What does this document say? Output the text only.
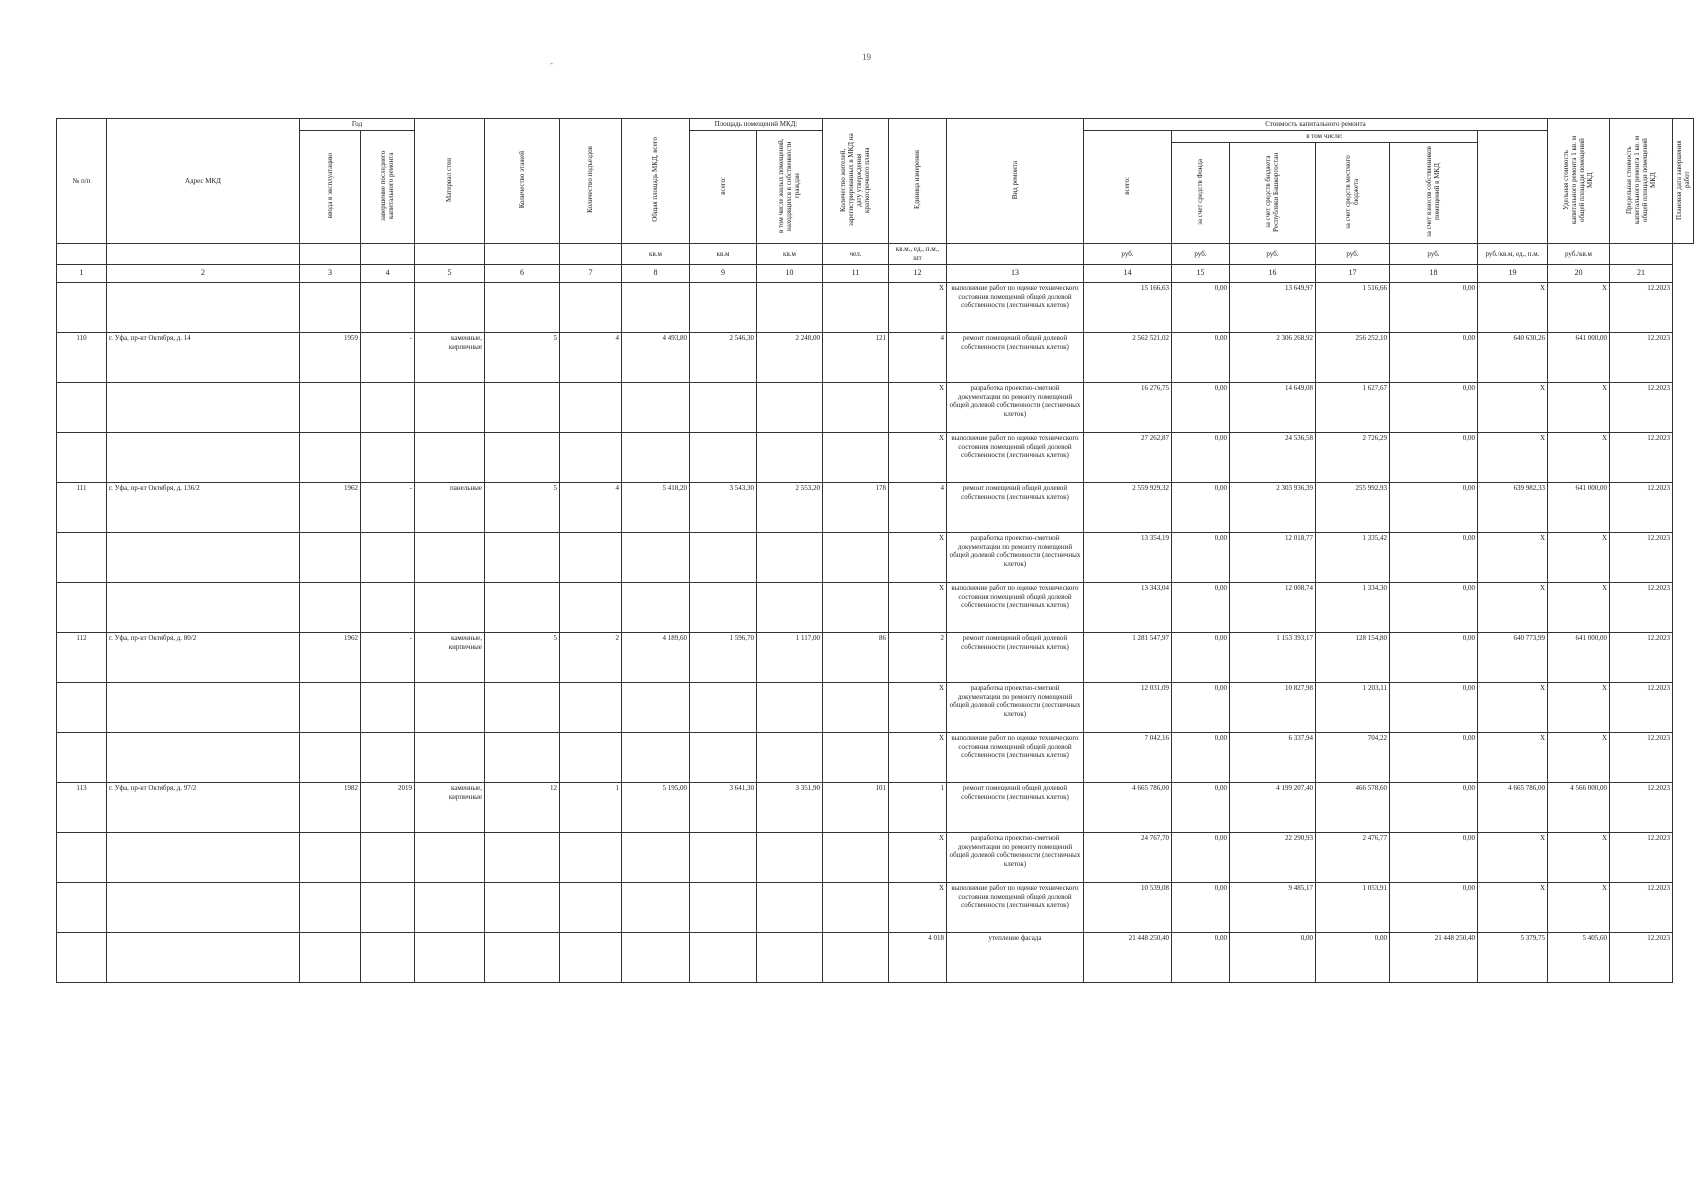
19
-
№ п/п	Адрес МКД	Год		Материал стен	Количество этажей	Количество подъездов	Общая площадь МКД, всего	Площадь помещений МКД:		Количество жителей, зарегистрированных в МКД на дату утверждения краткосрочного плана	Единица измерения	Вид ремонта	Стоимость капитального ремонта						Удельная стоимость капитального ремонта 1 кв. м общей площади помещений МКД	Предельная стоимость капитального ремонта 1 кв. м общей площади помещений МКД	Плановая дата завершения работ
		ввода в эксплуатацию	завершение последнего капитального ремонта					всего:	в том числе жилых помещений, находящихся в собственности граждан				всего:	в том числе:							
														за счет средств Фонда	за счет средств бюджета Республики Башкортостан	за счет средств местного бюджета	за счет взносов собственников помещений в МКД				
							кв.м	кв.м	кв.м	чел.	кв.м., ед., п.м., шт		руб.	руб.	руб.	руб.	руб.	руб./кв.м, ед., п.м.	руб./кв.м		
1	2	3	4	5	6	7	8	9	10	11	12	13	14	15	16	17	18	19	20	21	
											X	выполнение работ по оценке технического состояния помещений общей долевой собственности (лестничных клеток)	15 166,63	0,00	13 649,97	1 516,66	0,00	X	X	12.2023	
110	г. Уфа, пр-кт Октября, д. 14	1959	-	каменные, кирпичные	5	4	4 493,80	2 546,30	2 248,00	121	4	ремонт помещений общей долевой собственности (лестничных клеток)	2 562 521,02	0,00	2 306 268,92	256 252,10	0,00	640 630,26	641 000,00	12.2023	
											X	разработка проектно-сметной документации по ремонту помещений общей долевой собственности (лестничных клеток)	16 276,75	0,00	14 649,08	1 627,67	0,00	X	X	12.2023	
											X	выполнение работ по оценке технического состояния помещений общей долевой собственности (лестничных клеток)	27 262,87	0,00	24 536,58	2 726,29	0,00	X	X	12.2023	
111	г. Уфа, пр-кт Октября, д. 136/2	1962	-	панельные	5	4	5 418,20	3 543,30	2 553,20	178	4	ремонт помещений общей долевой собственности (лестничных клеток)	2 559 929,32	0,00	2 303 936,39	255 992,93	0,00	639 982,33	641 000,00	12.2023	
											X	разработка проектно-сметной документации по ремонту помещений общей долевой собственности (лестничных клеток)	13 354,19	0,00	12 018,77	1 335,42	0,00	X	X	12.2023	
											X	выполнение работ по оценке технического состояния помещений общей долевой собственности (лестничных клеток)	13 343,04	0,00	12 008,74	1 334,30	0,00	X	X	12.2023	
112	г. Уфа, пр-кт Октября, д. 80/2	1962	-	каменные, кирпичные	5	2	4 189,60	1 596,70	1 117,00	86	2	ремонт помещений общей долевой собственности (лестничных клеток)	1 281 547,97	0,00	1 153 393,17	128 154,80	0,00	640 773,99	641 000,00	12.2023	
											X	разработка проектно-сметной документации по ремонту помещений общей долевой собственности (лестничных клеток)	12 031,09	0,00	10 827,98	1 203,11	0,00	X	X	12.2023	
											X	выполнение работ по оценке технического состояния помещений общей долевой собственности (лестничных клеток)	7 042,16	0,00	6 337,94	704,22	0,00	X	X	12.2023	
113	г. Уфа, пр-кт Октября, д. 97/2	1982	2019	каменные, кирпичные	12	1	5 195,00	3 641,30	3 351,90	101	1	ремонт помещений общей долевой собственности (лестничных клеток)	4 665 786,00	0,00	4 199 207,40	466 578,60	0,00	4 665 786,00	4 566 000,00	12.2023	
											X	разработка проектно-сметной документации по ремонту помещений общей долевой собственности (лестничных клеток)	24 767,70	0,00	22 290,93	2 476,77	0,00	X	X	12.2023	
											X	выполнение работ по оценке технического состояния помещений общей долевой собственности (лестничных клеток)	10 539,08	0,00	9 485,17	1 053,91	0,00	X	X	12.2023	
											4 018	утепление фасада	21 448 250,40	0,00	0,00	0,00	21 448 250,40	5 379,75	5 405,60	12.2023	
